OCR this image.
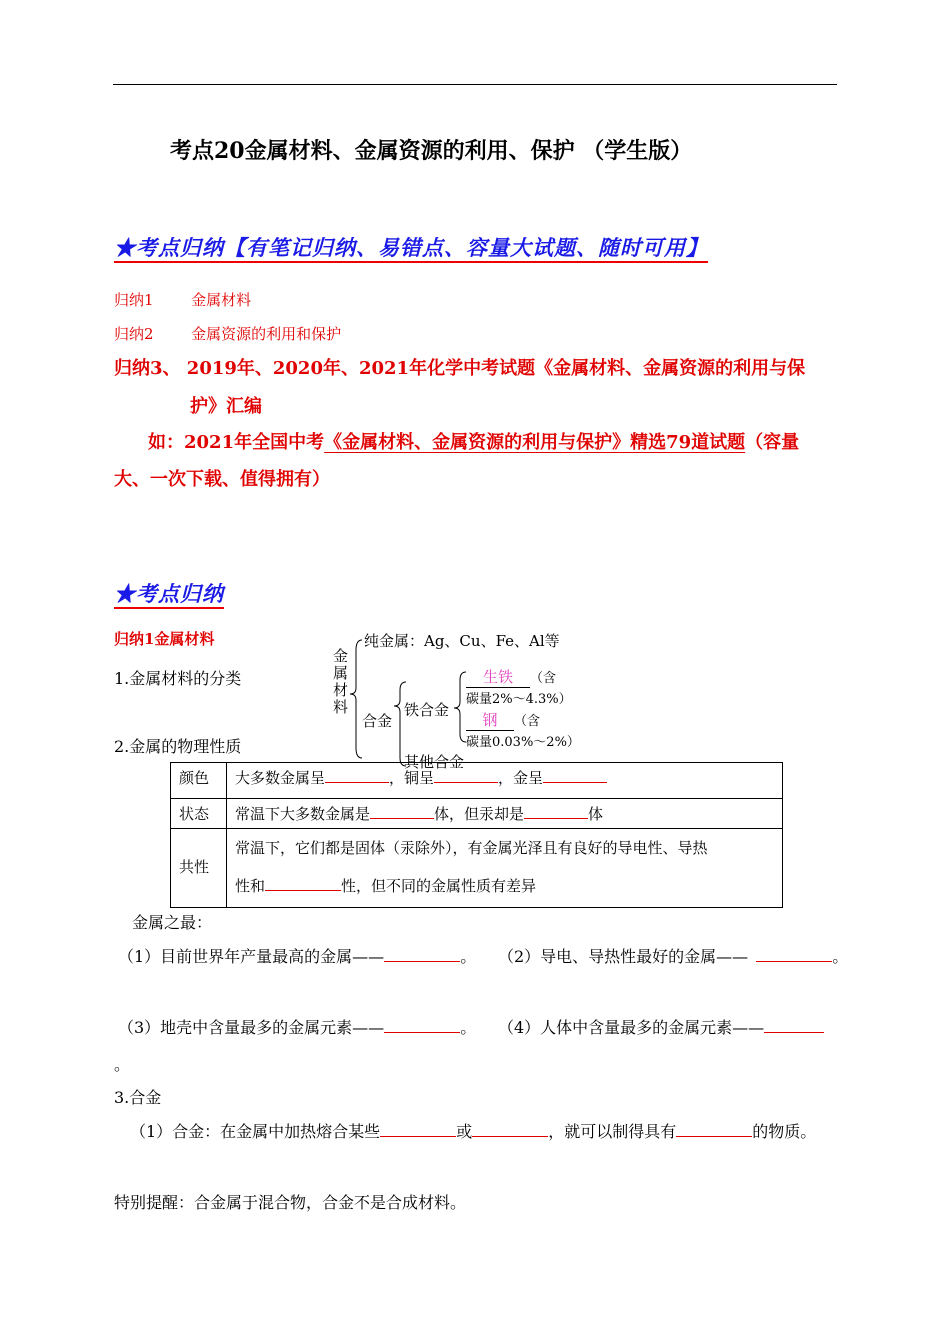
考点20金属材料、金属资源的利用、保护 （学生版）
★考点归纳【有笔记归纳、易错点、容量大试题、随时可用】
归纳1	金属材料
归纳2	金属资源的利用和保护
归纳3、 2019年、2020年、2021年化学中考试题《金属材料、金属资源的利用与保
护》汇编
如：2021年全国中考《金属材料、金属资源的利用与保护》精选79道试题（容量
大、一次下载、值得拥有）
★考点归纳
归纳1金属材料
1.金属材料的分类
2.金属的物理性质
金
属
材
料
纯金属：Ag、Cu、Fe、Al等
合金
铁合金
生铁 （含
碳量2%～4.3%）
钢 （含
碳量0.03%～2%）
其他合金
颜色 大多数金属呈	，铜呈	，金呈
状态 常温下大多数金属是	体，但汞却是	体
共性
常温下，它们都是固体（汞除外），有金属光泽且有良好的导电性、导热
性和	性，但不同的金属性质有差异
金属之最：
（1）目前世界年产量最高的金属——	。 （2）导电、导热性最好的金属——	。
（3）地壳中含量最多的金属元素——	。 （4）人体中含量最多的金属元素——
。
3.合金
（1）合金：在金属中加热熔合某些	或	，就可以制得具有	的物质。
特别提醒：合金属于混合物，合金不是合成材料。
